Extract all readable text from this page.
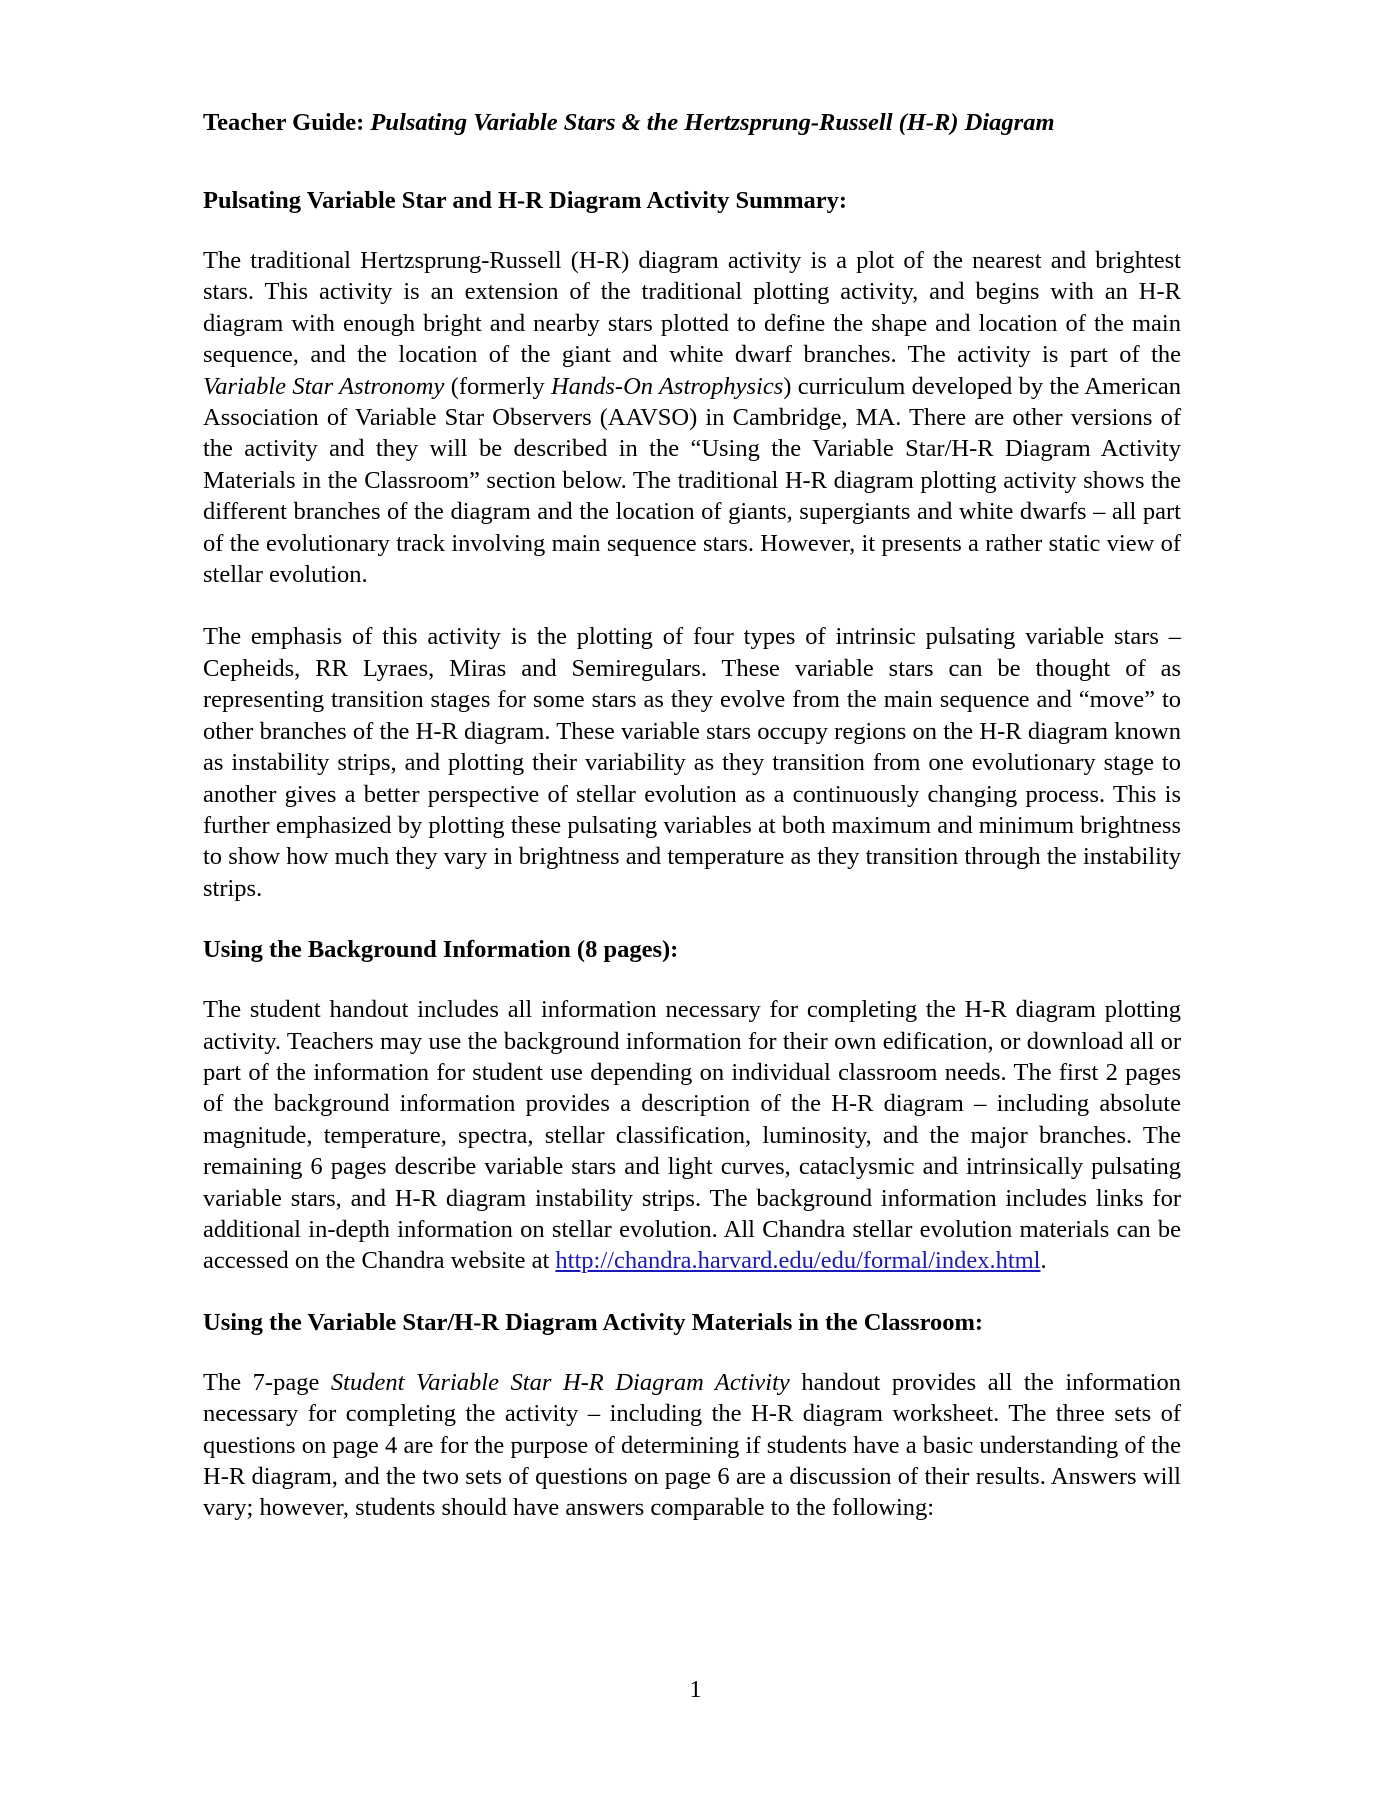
Teacher Guide: Pulsating Variable Stars & the Hertzsprung-Russell (H-R) Diagram
Pulsating Variable Star and H-R Diagram Activity Summary:

The traditional Hertzsprung-Russell (H-R) diagram activity is a plot of the nearest and brightest stars. This activity is an extension of the traditional plotting activity, and begins with an H-R diagram with enough bright and nearby stars plotted to define the shape and location of the main sequence, and the location of the giant and white dwarf branches. The activity is part of the Variable Star Astronomy (formerly Hands-On Astrophysics) curriculum developed by the American Association of Variable Star Observers (AAVSO) in Cambridge, MA. There are other versions of the activity and they will be described in the “Using the Variable Star/H-R Diagram Activity Materials in the Classroom” section below. The traditional H-R diagram plotting activity shows the different branches of the diagram and the location of giants, supergiants and white dwarfs – all part of the evolutionary track involving main sequence stars. However, it presents a rather static view of stellar evolution.

The emphasis of this activity is the plotting of four types of intrinsic pulsating variable stars – Cepheids, RR Lyraes, Miras and Semiregulars. These variable stars can be thought of as representing transition stages for some stars as they evolve from the main sequence and “move” to other branches of the H-R diagram. These variable stars occupy regions on the H-R diagram known as instability strips, and plotting their variability as they transition from one evolutionary stage to another gives a better perspective of stellar evolution as a continuously changing process. This is further emphasized by plotting these pulsating variables at both maximum and minimum brightness to show how much they vary in brightness and temperature as they transition through the instability strips.

Using the Background Information (8 pages):

The student handout includes all information necessary for completing the H-R diagram plotting activity. Teachers may use the background information for their own edification, or download all or part of the information for student use depending on individual classroom needs. The first 2 pages of the background information provides a description of the H-R diagram – including absolute magnitude, temperature, spectra, stellar classification, luminosity, and the major branches. The remaining 6 pages describe variable stars and light curves, cataclysmic and intrinsically pulsating variable stars, and H-R diagram instability strips. The background information includes links for additional in-depth information on stellar evolution. All Chandra stellar evolution materials can be accessed on the Chandra website at http://chandra.harvard.edu/edu/formal/index.html.

Using the Variable Star/H-R Diagram Activity Materials in the Classroom:

The 7-page Student Variable Star H-R Diagram Activity handout provides all the information necessary for completing the activity – including the H-R diagram worksheet. The three sets of questions on page 4 are for the purpose of determining if students have a basic understanding of the H-R diagram, and the two sets of questions on page 6 are a discussion of their results. Answers will vary; however, students should have answers comparable to the following:

1
